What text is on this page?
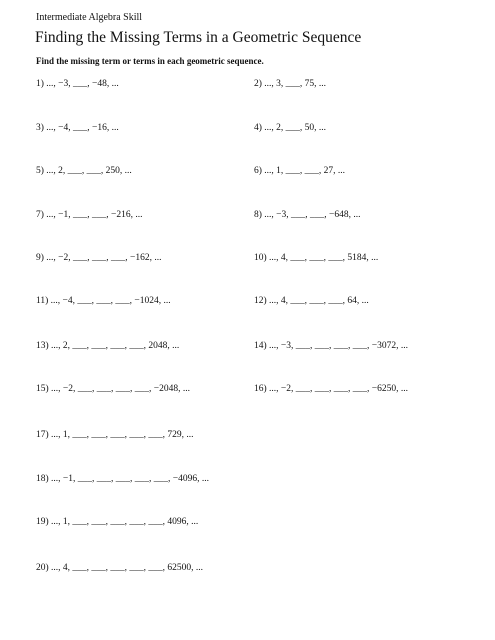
Intermediate Algebra Skill
Finding the Missing Terms in a Geometric Sequence
Find the missing term or terms in each geometric sequence.
1) ..., −3, ___, −48, ...	2) ..., 3, ___, 75, ...
3) ..., −4, ___, −16, ...	4) ..., 2, ___, 50, ...
5) ..., 2, ___, ___, 250, ...	6) ..., 1, ___, ___, 27, ...
7) ..., −1, ___, ___, −216, ...	8) ..., −3, ___, ___, −648, ...
9) ..., −2, ___, ___, ___, −162, ...	10) ..., 4, ___, ___, ___, 5184, ...
11) ..., −4, ___, ___, ___, −1024, ...	12) ..., 4, ___, ___, ___, 64, ...
13) ..., 2, ___, ___, ___, ___, 2048, ...	14) ..., −3, ___, ___, ___, ___, −3072, ...
15) ..., −2, ___, ___, ___, ___, −2048, ...	16) ..., −2, ___, ___, ___, ___, −6250, ...
17) ..., 1, ___, ___, ___, ___, ___, 729, ...
18) ..., −1, ___, ___, ___, ___, ___, −4096, ...
19) ..., 1, ___, ___, ___, ___, ___, 4096, ...
20) ..., 4, ___, ___, ___, ___, ___, 62500, ...
